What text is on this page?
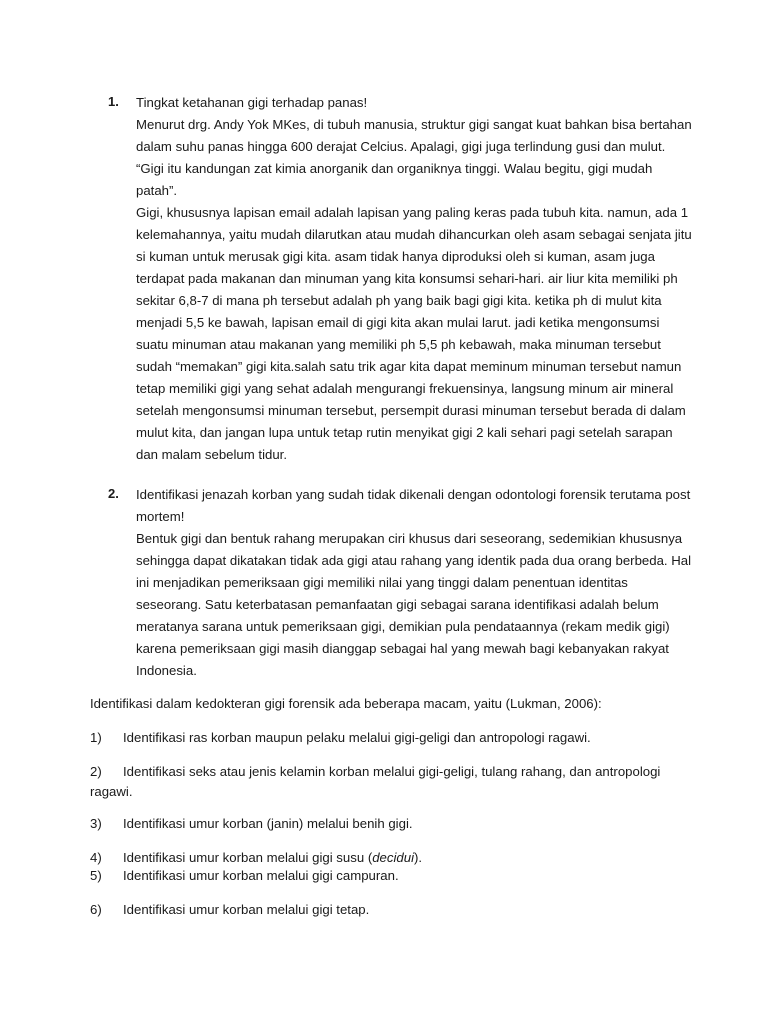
1.	Tingkat ketahanan gigi terhadap panas!

Menurut drg. Andy Yok MKes, di tubuh manusia, struktur gigi sangat kuat bahkan bisa bertahan dalam suhu panas hingga 600 derajat Celcius. Apalagi, gigi juga terlindung gusi dan mulut. “Gigi itu kandungan zat kimia anorganik dan organiknya tinggi. Walau begitu, gigi mudah patah”.

Gigi, khususnya lapisan email adalah lapisan yang paling keras pada tubuh kita. namun, ada 1 kelemahannya, yaitu mudah dilarutkan atau mudah dihancurkan oleh asam sebagai senjata jitu si kuman untuk merusak gigi kita. asam tidak hanya diproduksi oleh si kuman, asam juga terdapat pada makanan dan minuman yang kita konsumsi sehari-hari. air liur kita memiliki ph sekitar 6,8-7 di mana ph tersebut adalah ph yang baik bagi gigi kita. ketika ph di mulut kita menjadi 5,5 ke bawah, lapisan email di gigi kita akan mulai larut. jadi ketika mengonsumsi suatu minuman atau makanan yang memiliki ph 5,5 ph kebawah, maka minuman tersebut sudah “memakan” gigi kita.salah satu trik agar kita dapat meminum minuman tersebut namun tetap memiliki gigi yang sehat adalah mengurangi frekuensinya, langsung minum air mineral setelah mengonsumsi minuman tersebut, persempit durasi minuman tersebut berada di dalam mulut kita, dan jangan lupa untuk tetap rutin menyikat gigi 2 kali sehari pagi setelah sarapan dan malam sebelum tidur.

2.	Identifikasi jenazah korban yang sudah tidak dikenali dengan odontologi forensik terutama post mortem!

Bentuk gigi dan bentuk rahang merupakan ciri khusus dari seseorang, sedemikian khususnya sehingga dapat dikatakan tidak ada gigi atau rahang yang identik pada dua orang berbeda. Hal ini menjadikan pemeriksaan gigi memiliki nilai yang tinggi dalam penentuan identitas seseorang. Satu keterbatasan pemanfaatan gigi sebagai sarana identifikasi adalah belum meratanya sarana untuk pemeriksaan gigi, demikian pula pendataannya (rekam medik gigi) karena pemeriksaan gigi masih dianggap sebagai hal yang mewah bagi kebanyakan rakyat Indonesia.

Identifikasi dalam kedokteran gigi forensik ada beberapa macam, yaitu (Lukman, 2006):
1) Identifikasi ras korban maupun pelaku melalui gigi-geligi dan antropologi ragawi.
2) Identifikasi seks atau jenis kelamin korban melalui gigi-geligi, tulang rahang, dan antropologi ragawi.
3) Identifikasi umur korban (janin) melalui benih gigi.
4) Identifikasi umur korban melalui gigi susu (decidui).
5) Identifikasi umur korban melalui gigi campuran.
6) Identifikasi umur korban melalui gigi tetap.
